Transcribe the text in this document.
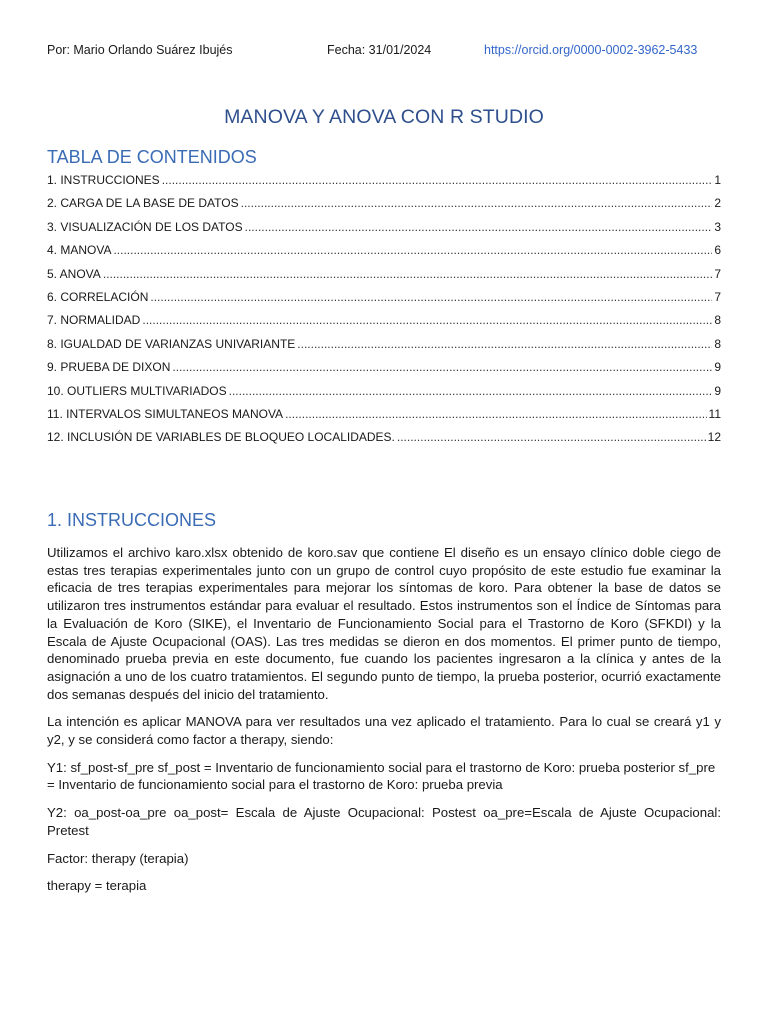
Por: Mario Orlando Suárez Ibujés	Fecha: 31/01/2024	https://orcid.org/0000-0002-3962-5433
MANOVA Y ANOVA CON R STUDIO
TABLA DE CONTENIDOS
1. INSTRUCCIONES .....	1
2. CARGA DE LA BASE DE DATOS .....	2
3. VISUALIZACIÓN DE LOS DATOS .....	3
4. MANOVA .....	6
5. ANOVA .....	7
6. CORRELACIÓN .....	7
7. NORMALIDAD .....	8
8. IGUALDAD DE VARIANZAS UNIVARIANTE .....	8
9. PRUEBA DE DIXON .....	9
10. OUTLIERS MULTIVARIADOS .....	9
11. INTERVALOS SIMULTANEOS MANOVA .....	11
12. INCLUSIÓN DE VARIABLES DE BLOQUEO LOCALIDADES. .....	12
1. INSTRUCCIONES

Utilizamos el archivo karo.xlsx obtenido de koro.sav que contiene El diseño es un ensayo clínico doble ciego de estas tres terapias experimentales junto con un grupo de control cuyo propósito de este estudio fue examinar la eficacia de tres terapias experimentales para mejorar los síntomas de koro. Para obtener la base de datos se utilizaron tres instrumentos estándar para evaluar el resultado. Estos instrumentos son el Índice de Síntomas para la Evaluación de Koro (SIKE), el Inventario de Funcionamiento Social para el Trastorno de Koro (SFKDI) y la Escala de Ajuste Ocupacional (OAS). Las tres medidas se dieron en dos momentos. El primer punto de tiempo, denominado prueba previa en este documento, fue cuando los pacientes ingresaron a la clínica y antes de la asignación a uno de los cuatro tratamientos. El segundo punto de tiempo, la prueba posterior, ocurrió exactamente dos semanas después del inicio del tratamiento.

La intención es aplicar MANOVA para ver resultados una vez aplicado el tratamiento. Para lo cual se creará y1 y y2, y se considerá como factor a therapy, siendo:

Y1: sf_post-sf_pre sf_post = Inventario de funcionamiento social para el trastorno de Koro: prueba posterior sf_pre = Inventario de funcionamiento social para el trastorno de Koro: prueba previa

Y2: oa_post-oa_pre oa_post= Escala de Ajuste Ocupacional: Postest oa_pre=Escala de Ajuste Ocupacional: Pretest

Factor: therapy (terapia)

therapy = terapia
